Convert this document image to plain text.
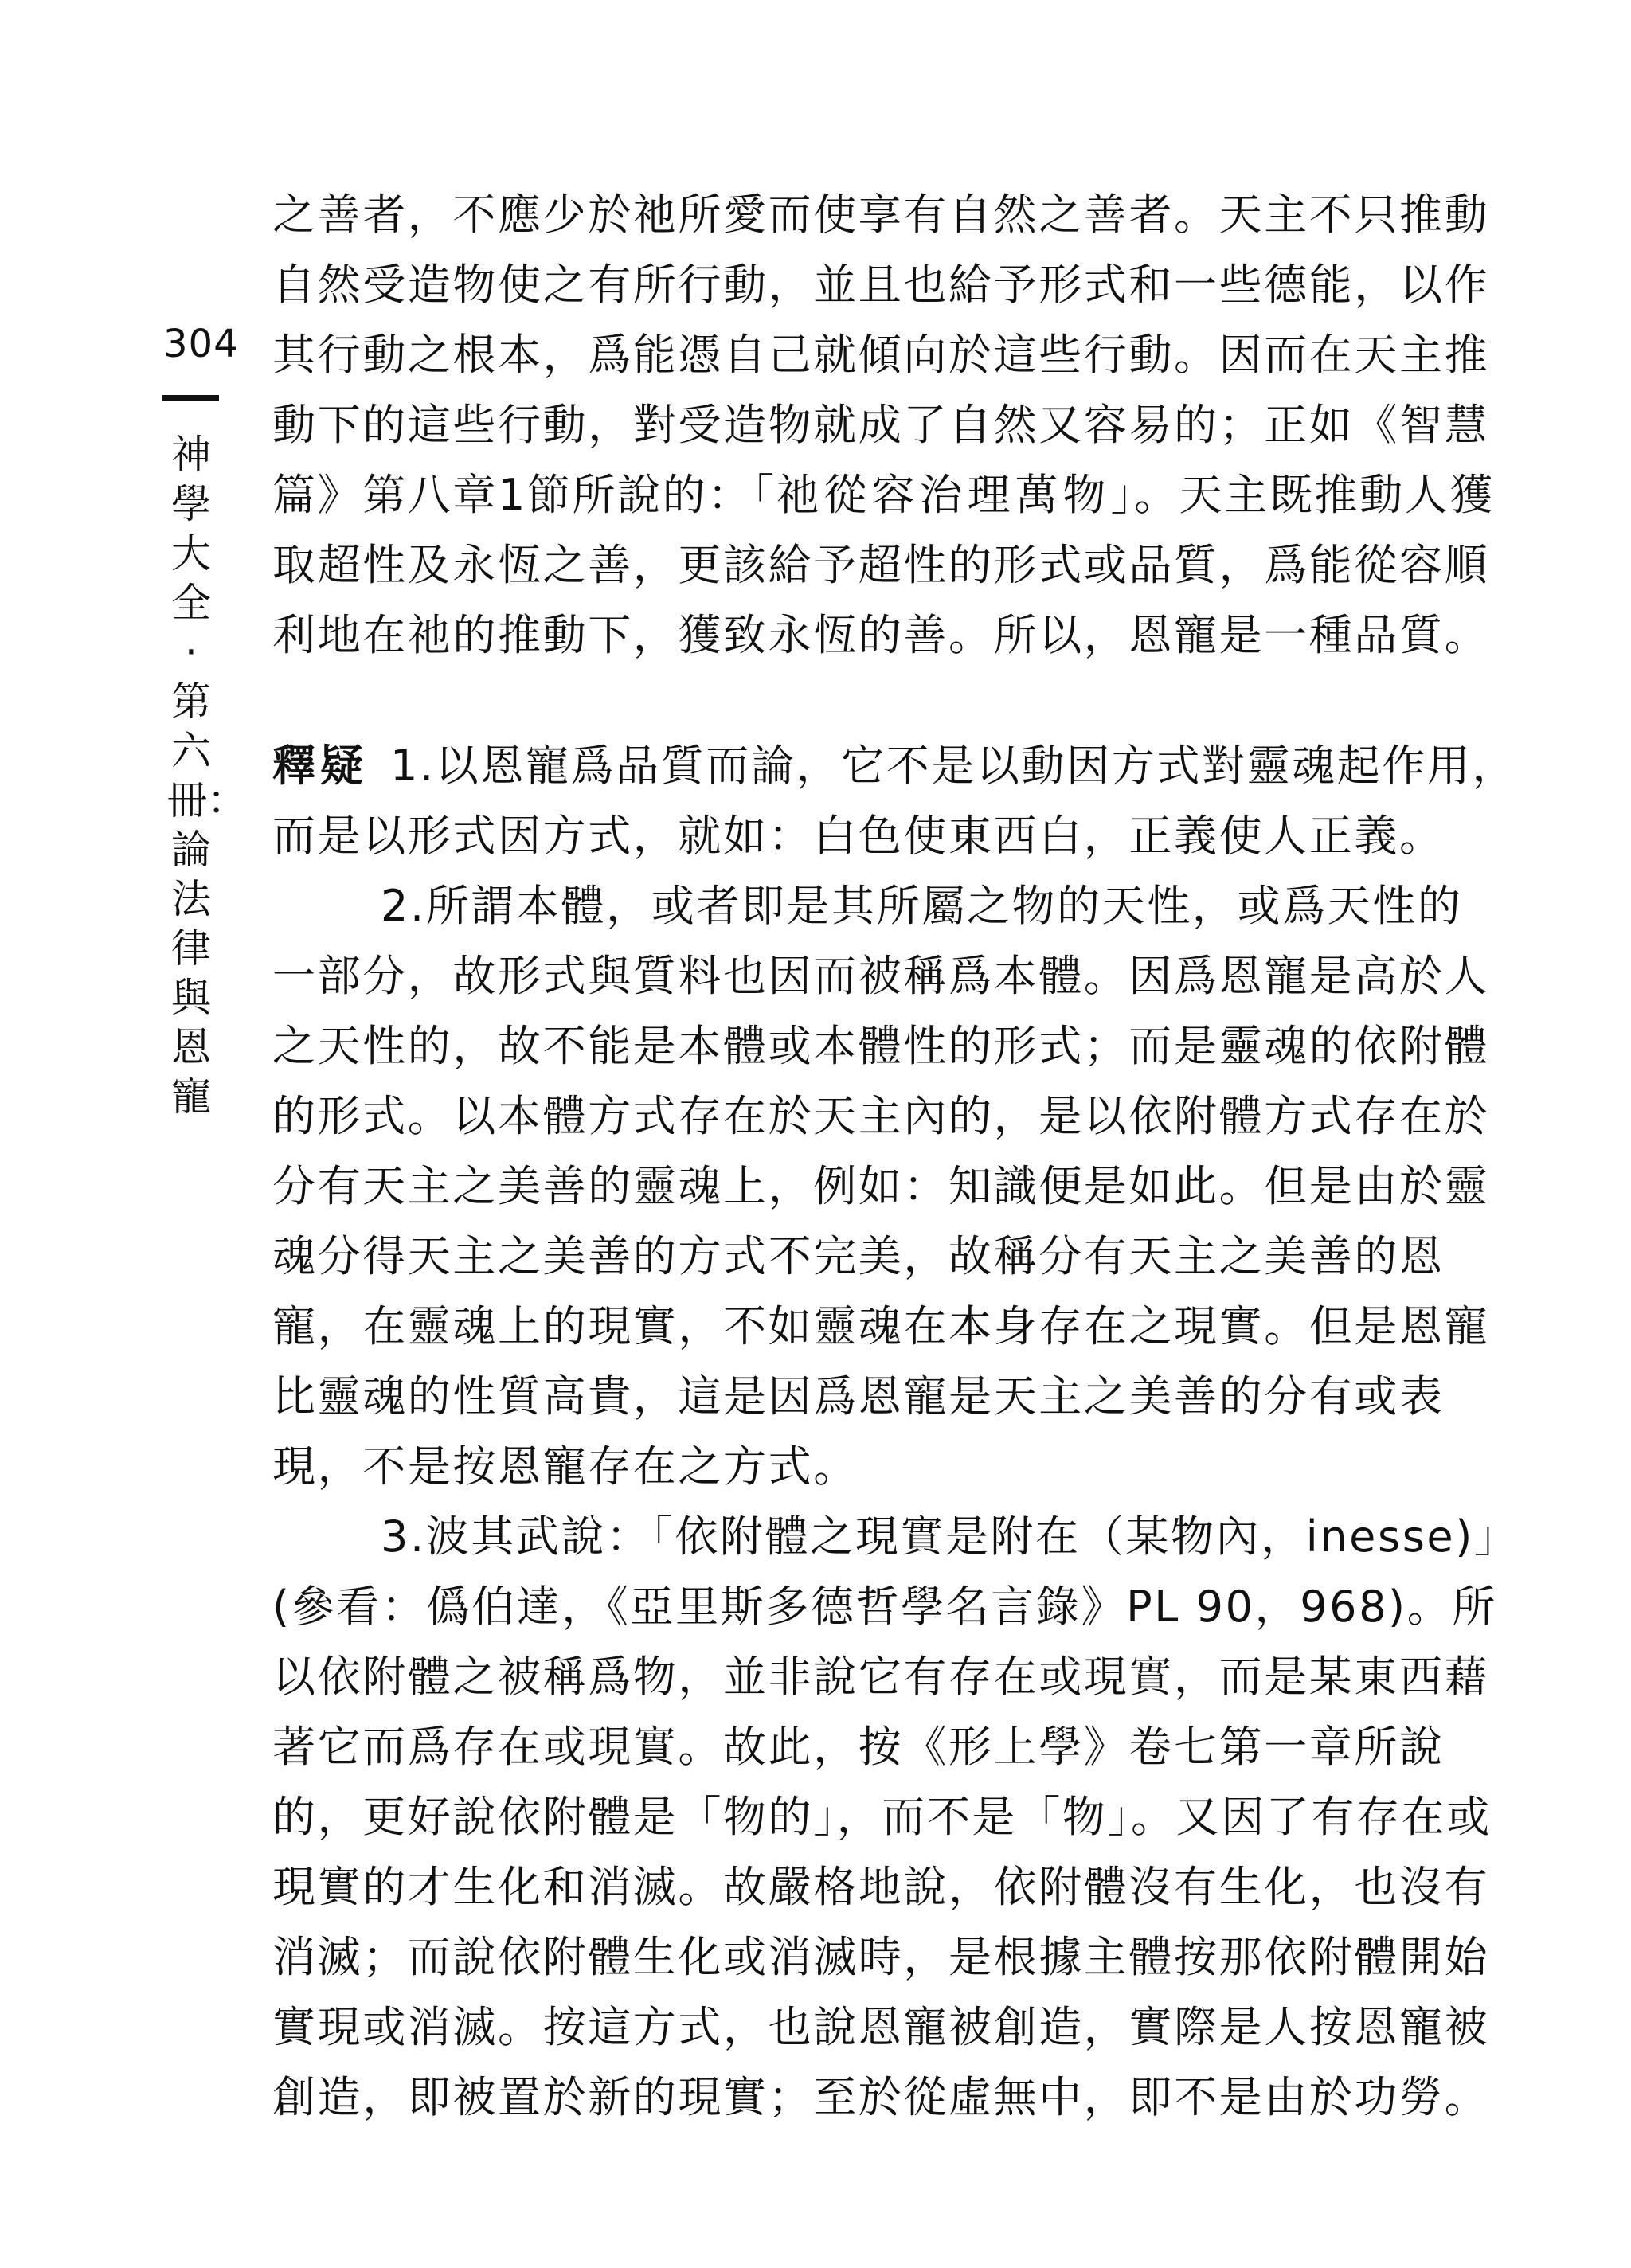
304
神學大全·第六冊：論法律與恩寵
之善者，不應少於祂所愛而使享有自然之善者。天主不只推動
自然受造物使之有所行動，並且也給予形式和一些德能，以作
其行動之根本，爲能憑自己就傾向於這些行動。因而在天主推
動下的這些行動，對受造物就成了自然又容易的；正如《智慧
篇》第八章1節所說的：「祂從容治理萬物」。天主既推動人獲
取超性及永恆之善，更該給予超性的形式或品質，爲能從容順
利地在祂的推動下，獲致永恆的善。所以，恩寵是一種品質。
釋疑 1.以恩寵爲品質而論，它不是以動因方式對靈魂起作用，
而是以形式因方式，就如：白色使東西白，正義使人正義。
2.所謂本體，或者即是其所屬之物的天性，或爲天性的
一部分，故形式與質料也因而被稱爲本體。因爲恩寵是高於人
之天性的，故不能是本體或本體性的形式；而是靈魂的依附體
的形式。以本體方式存在於天主內的，是以依附體方式存在於
分有天主之美善的靈魂上，例如：知識便是如此。但是由於靈
魂分得天主之美善的方式不完美，故稱分有天主之美善的恩
寵，在靈魂上的現實，不如靈魂在本身存在之現實。但是恩寵
比靈魂的性質高貴，這是因爲恩寵是天主之美善的分有或表
現，不是按恩寵存在之方式。
3.波其武說：「依附體之現實是附在（某物內，inesse)」
(參看：僞伯達，《亞里斯多德哲學名言錄》PL 90，968)。所
以依附體之被稱爲物，並非說它有存在或現實，而是某東西藉
著它而爲存在或現實。故此，按《形上學》卷七第一章所說
的，更好說依附體是「物的」，而不是「物」。又因了有存在或
現實的才生化和消滅。故嚴格地說，依附體沒有生化，也沒有
消滅；而說依附體生化或消滅時，是根據主體按那依附體開始
實現或消滅。按這方式，也說恩寵被創造，實際是人按恩寵被
創造，即被置於新的現實；至於從虛無中，即不是由於功勞。
